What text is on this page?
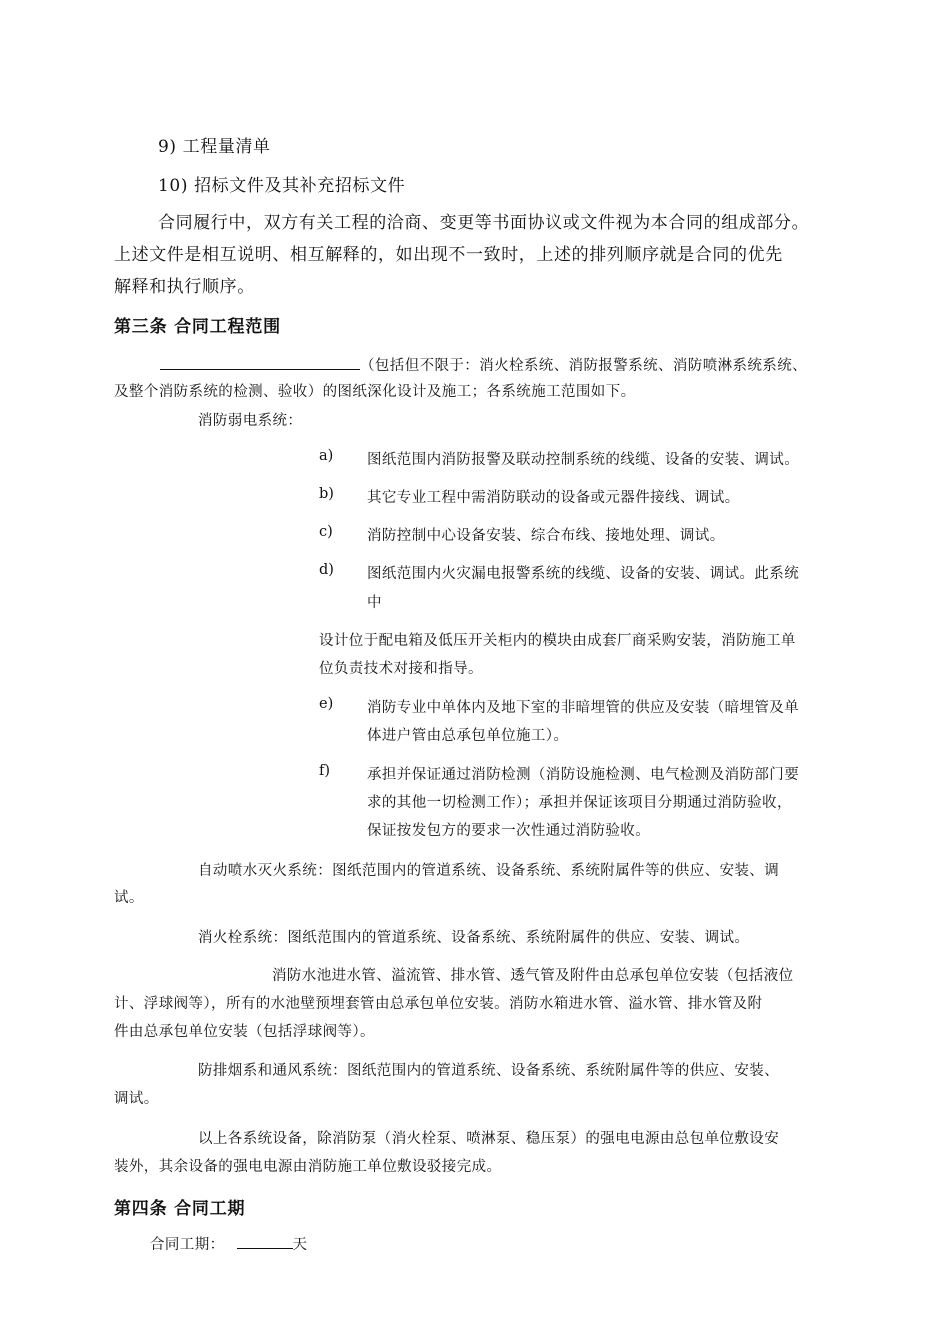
9) 工程量清单
10) 招标文件及其补充招标文件
合同履行中，双方有关工程的洽商、变更等书面协议或文件视为本合同的组成部分。
上述文件是相互说明、相互解释的，如出现不一致时，上述的排列顺序就是合同的优先
解释和执行顺序。
第三条 合同工程范围
（包括但不限于：消火栓系统、消防报警系统、消防喷淋系统系统、
及整个消防系统的检测、验收）的图纸深化设计及施工；各系统施工范围如下。
消防弱电系统：
a) 图纸范围内消防报警及联动控制系统的线缆、设备的安装、调试。
b) 其它专业工程中需消防联动的设备或元器件接线、调试。
c) 消防控制中心设备安装、综合布线、接地处理、调试。
d) 图纸范围内火灾漏电报警系统的线缆、设备的安装、调试。此系统
中
设计位于配电箱及低压开关柜内的模块由成套厂商采购安装，消防施工单
位负责技术对接和指导。
e) 消防专业中单体内及地下室的非暗埋管的供应及安装（暗埋管及单
体进户管由总承包单位施工）。
f)	承担并保证通过消防检测（消防设施检测、电气检测及消防部门要
求的其他一切检测工作）；承担并保证该项目分期通过消防验收，
保证按发包方的要求一次性通过消防验收。
自动喷水灭火系统：图纸范围内的管道系统、设备系统、系统附属件等的供应、安装、调
试。
消火栓系统：图纸范围内的管道系统、设备系统、系统附属件的供应、安装、调试。
消防水池进水管、溢流管、排水管、透气管及附件由总承包单位安装（包括液位
计、浮球阀等），所有的水池壁预埋套管由总承包单位安装。消防水箱进水管、溢水管、排水管及附
件由总承包单位安装（包括浮球阀等）。
防排烟系和通风系统：图纸范围内的管道系统、设备系统、系统附属件等的供应、安装、
调试。
以上各系统设备，除消防泵（消火栓泵、喷淋泵、稳压泵）的强电电源由总包单位敷设安
装外，其余设备的强电电源由消防施工单位敷设驳接完成。
第四条 合同工期
合同工期：	天
